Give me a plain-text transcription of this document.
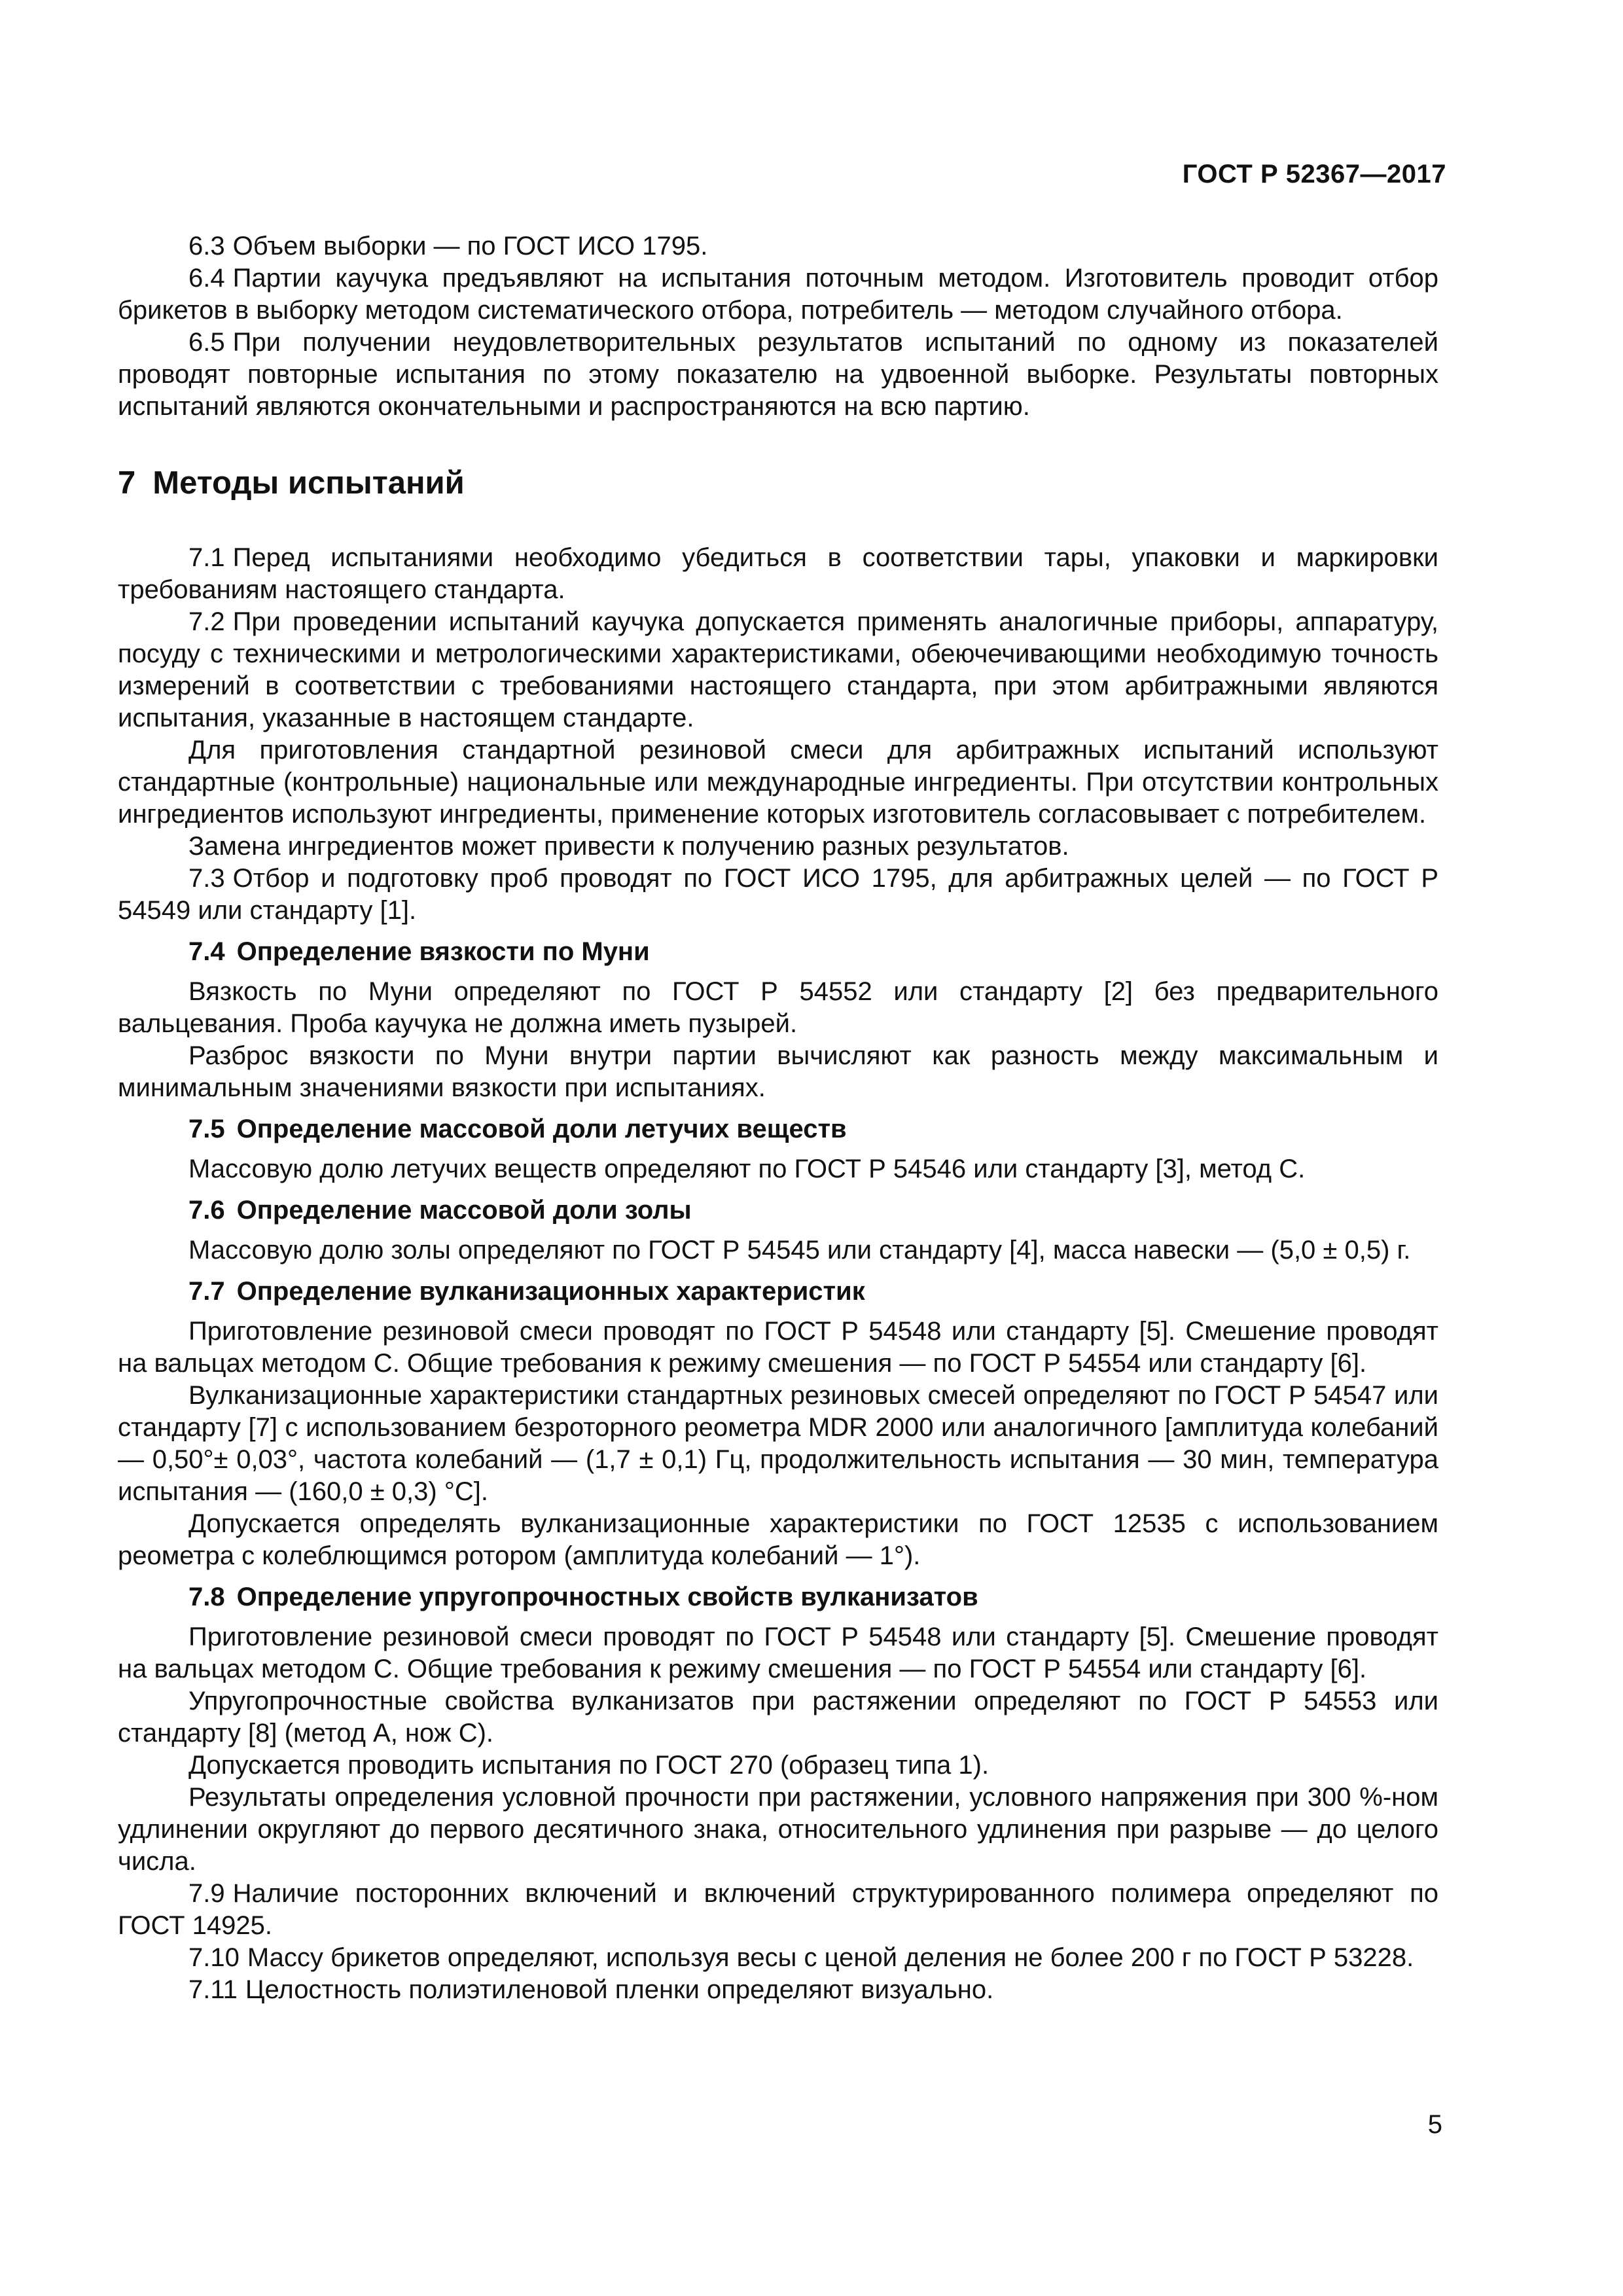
ГОСТ Р 52367—2017

6.3 Объем выборки — по ГОСТ ИСО 1795.

6.4 Партии каучука предъявляют на испытания поточным методом. Изготовитель проводит отбор брикетов в выборку методом систематического отбора, потребитель — методом случайного отбора.

6.5 При получении неудовлетворительных результатов испытаний по одному из показателей проводят повторные испытания по этому показателю на удвоенной выборке. Результаты повторных испытаний являются окончательными и распространяются на всю партию.

7 Методы испытаний

7.1 Перед испытаниями необходимо убедиться в соответствии тары, упаковки и маркировки требованиям настоящего стандарта.

7.2 При проведении испытаний каучука допускается применять аналогичные приборы, аппаратуру, посуду с техническими и метрологическими характеристиками, обеючечивающими необходимую точность измерений в соответствии с требованиями настоящего стандарта, при этом арбитражными являются испытания, указанные в настоящем стандарте.

Для приготовления стандартной резиновой смеси для арбитражных испытаний используют стандартные (контрольные) национальные или международные ингредиенты. При отсутствии контрольных ингредиентов используют ингредиенты, применение которых изготовитель согласовывает с потребителем.

Замена ингредиентов может привести к получению разных результатов.

7.3 Отбор и подготовку проб проводят по ГОСТ ИСО 1795, для арбитражных целей — по ГОСТ Р 54549 или стандарту [1].

7.4 Определение вязкости по Муни

Вязкость по Муни определяют по ГОСТ Р 54552 или стандарту [2] без предварительного вальцевания. Проба каучука не должна иметь пузырей.

Разброс вязкости по Муни внутри партии вычисляют как разность между максимальным и минимальным значениями вязкости при испытаниях.

7.5 Определение массовой доли летучих веществ

Массовую долю летучих веществ определяют по ГОСТ Р 54546 или стандарту [3], метод С.

7.6 Определение массовой доли золы

Массовую долю золы определяют по ГОСТ Р 54545 или стандарту [4], масса навески — (5,0 ± 0,5) г.

7.7 Определение вулканизационных характеристик

Приготовление резиновой смеси проводят по ГОСТ Р 54548 или стандарту [5]. Смешение проводят на вальцах методом С. Общие требования к режиму смешения — по ГОСТ Р 54554 или стандарту [6].

Вулканизационные характеристики стандартных резиновых смесей определяют по ГОСТ Р 54547 или стандарту [7] с использованием безроторного реометра MDR 2000 или аналогичного [амплитуда колебаний — 0,50°± 0,03°, частота колебаний — (1,7 ± 0,1) Гц, продолжительность испытания — 30 мин, температура испытания — (160,0 ± 0,3) °С].

Допускается определять вулканизационные характеристики по ГОСТ 12535 с использованием реометра с колеблющимся ротором (амплитуда колебаний — 1°).

7.8 Определение упругопрочностных свойств вулканизатов

Приготовление резиновой смеси проводят по ГОСТ Р 54548 или стандарту [5]. Смешение проводят на вальцах методом С. Общие требования к режиму смешения — по ГОСТ Р 54554 или стандарту [6].

Упругопрочностные свойства вулканизатов при растяжении определяют по ГОСТ Р 54553 или стандарту [8] (метод А, нож С).

Допускается проводить испытания по ГОСТ 270 (образец типа 1).

Результаты определения условной прочности при растяжении, условного напряжения при 300 %-ном удлинении округляют до первого десятичного знака, относительного удлинения при разрыве — до целого числа.

7.9 Наличие посторонних включений и включений структурированного полимера определяют по ГОСТ 14925.

7.10 Массу брикетов определяют, используя весы с ценой деления не более 200 г по ГОСТ Р 53228.

7.11 Целостность полиэтиленовой пленки определяют визуально.

5
